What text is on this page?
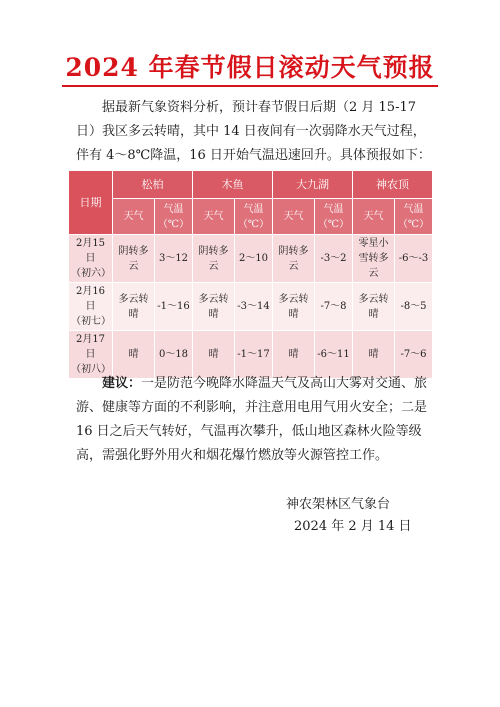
2024 年春节假日滚动天气预报

据最新气象资料分析，预计春节假日后期（2 月 15-17 日）我区多云转晴，其中 14 日夜间有一次弱降水天气过程，伴有 4～8℃降温，16 日开始气温迅速回升。具体预报如下：

日期	松柏		木鱼		大九湖		神农顶	
	天气	气温（℃）	天气	气温（℃）	天气	气温（℃）	天气	气温（℃）

2月15日
（初六）	阴转多云	3～12	阴转多云	2～10	阴转多云	-3～2	零星小雪转多云	-6～-3

2月16日
（初七）	多云转晴	-1～16	多云转晴	-3～14	多云转晴	-7～8	多云转晴	-8～5

2月17日
（初八）	晴	0～18	晴	-1～17	晴	-6～11	晴	-7～6

建议：一是防范今晚降水降温天气及高山大雾对交通、旅游、健康等方面的不利影响，并注意用电用气用火安全；二是 16 日之后天气转好，气温再次攀升，低山地区森林火险等级高，需强化野外用火和烟花爆竹燃放等火源管控工作。

神农架林区气象台
2024 年 2 月 14 日
